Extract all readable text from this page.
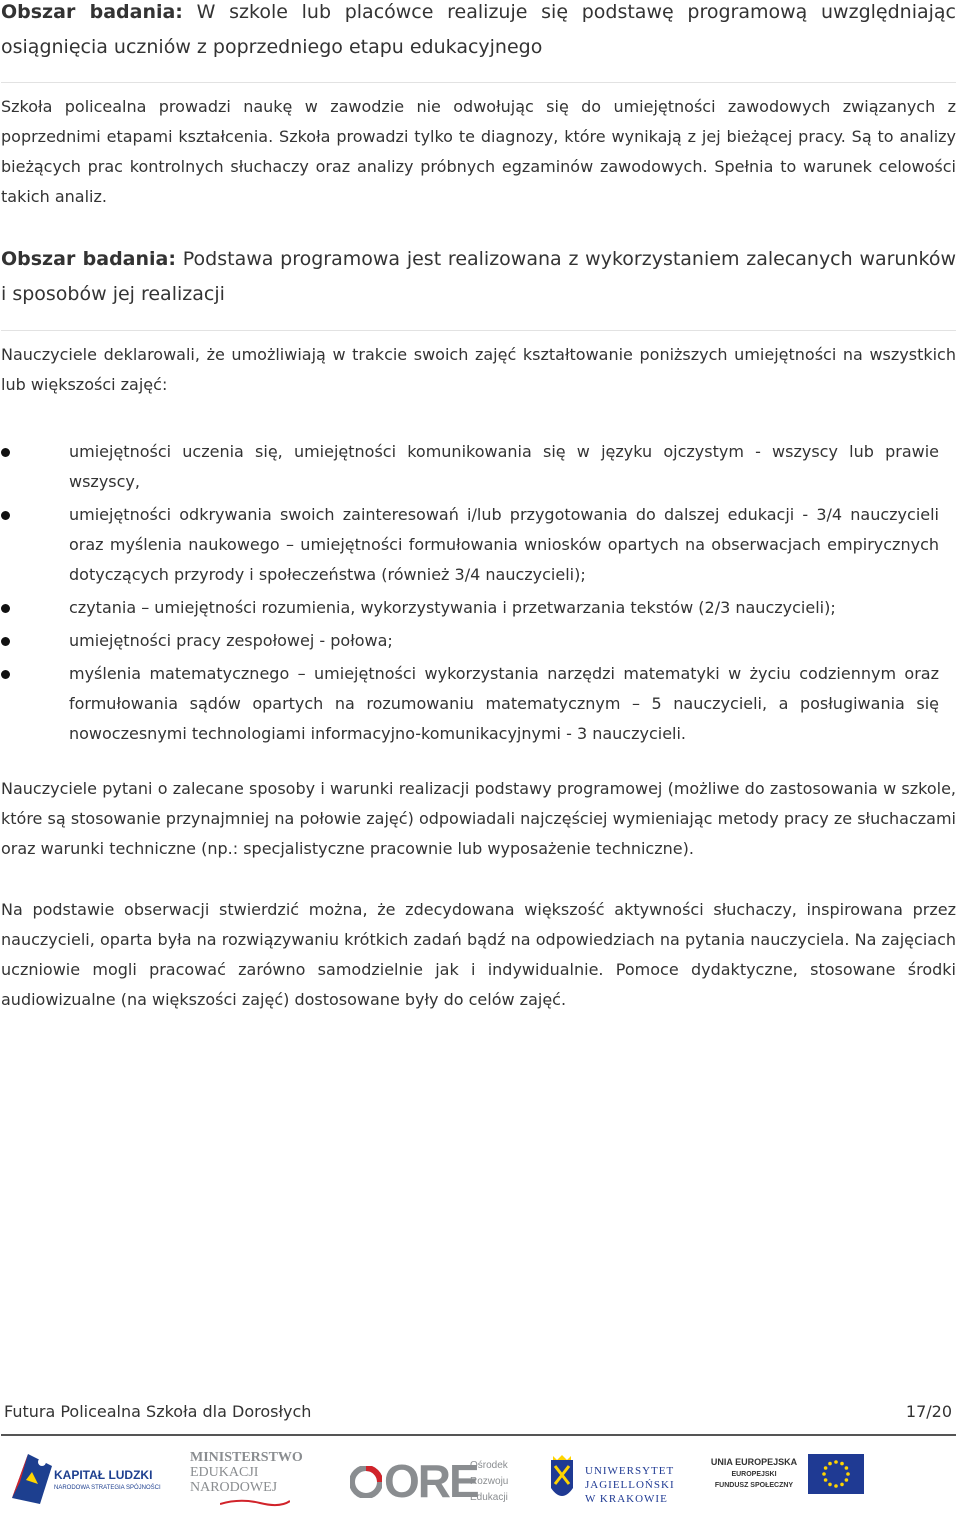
Obszar badania: W szkole lub placówce realizuje się podstawę programową uwzględniając osiągnięcia uczniów z poprzedniego etapu edukacyjnego

Szkoła policealna prowadzi naukę w zawodzie nie odwołując się do umiejętności zawodowych związanych z poprzednimi etapami kształcenia. Szkoła prowadzi tylko te diagnozy, które wynikają z jej bieżącej pracy. Są to analizy bieżących prac kontrolnych słuchaczy oraz analizy próbnych egzaminów zawodowych. Spełnia to warunek celowości takich analiz.

Obszar badania: Podstawa programowa jest realizowana z wykorzystaniem zalecanych warunków i sposobów jej realizacji

Nauczyciele deklarowali, że umożliwiają w trakcie swoich zajęć kształtowanie poniższych umiejętności na wszystkich lub większości zajęć:

umiejętności uczenia się, umiejętności komunikowania się w języku ojczystym - wszyscy lub prawie wszyscy,
umiejętności odkrywania swoich zainteresowań i/lub przygotowania do dalszej edukacji - 3/4 nauczycieli oraz myślenia naukowego – umiejętności formułowania wniosków opartych na obserwacjach empirycznych dotyczących przyrody i społeczeństwa (również 3/4 nauczycieli);
czytania – umiejętności rozumienia, wykorzystywania i przetwarzania tekstów (2/3 nauczycieli);
umiejętności pracy zespołowej - połowa;
myślenia matematycznego – umiejętności wykorzystania narzędzi matematyki w życiu codziennym oraz formułowania sądów opartych na rozumowaniu matematycznym – 5 nauczycieli, a posługiwania się nowoczesnymi technologiami informacyjno-komunikacyjnymi - 3 nauczycieli.

Nauczyciele pytani o zalecane sposoby i warunki realizacji podstawy programowej (możliwe do zastosowania w szkole, które są stosowanie przynajmniej na połowie zajęć) odpowiadali najczęściej wymieniając metody pracy ze słuchaczami oraz warunki techniczne (np.: specjalistyczne pracownie lub wyposażenie techniczne).

Na podstawie obserwacji stwierdzić można, że zdecydowana większość aktywności słuchaczy, inspirowana przez nauczycieli, oparta była na rozwiązywaniu krótkich zadań bądź na odpowiedziach na pytania nauczyciela. Na zajęciach uczniowie mogli pracować zarówno samodzielnie jak i indywidualnie. Pomoce dydaktyczne, stosowane środki audiowizualne (na większości zajęć) dostosowane były do celów zajęć.

Futura Policealna Szkoła dla Dorosłych	17/20
KAPITAŁ LUDZKI
NARODOWA STRATEGIA SPÓJNOŚCI
MINISTERSTWO
EDUKACJI
NARODOWEJ	ORE
Ośrodek
Rozwoju
Edukacji
UNIWERSYTET
JAGIELLOŃSKI
W KRAKOWIE
UNIA EUROPEJSKA
EUROPEJSKI
FUNDUSZ SPOŁECZNY
